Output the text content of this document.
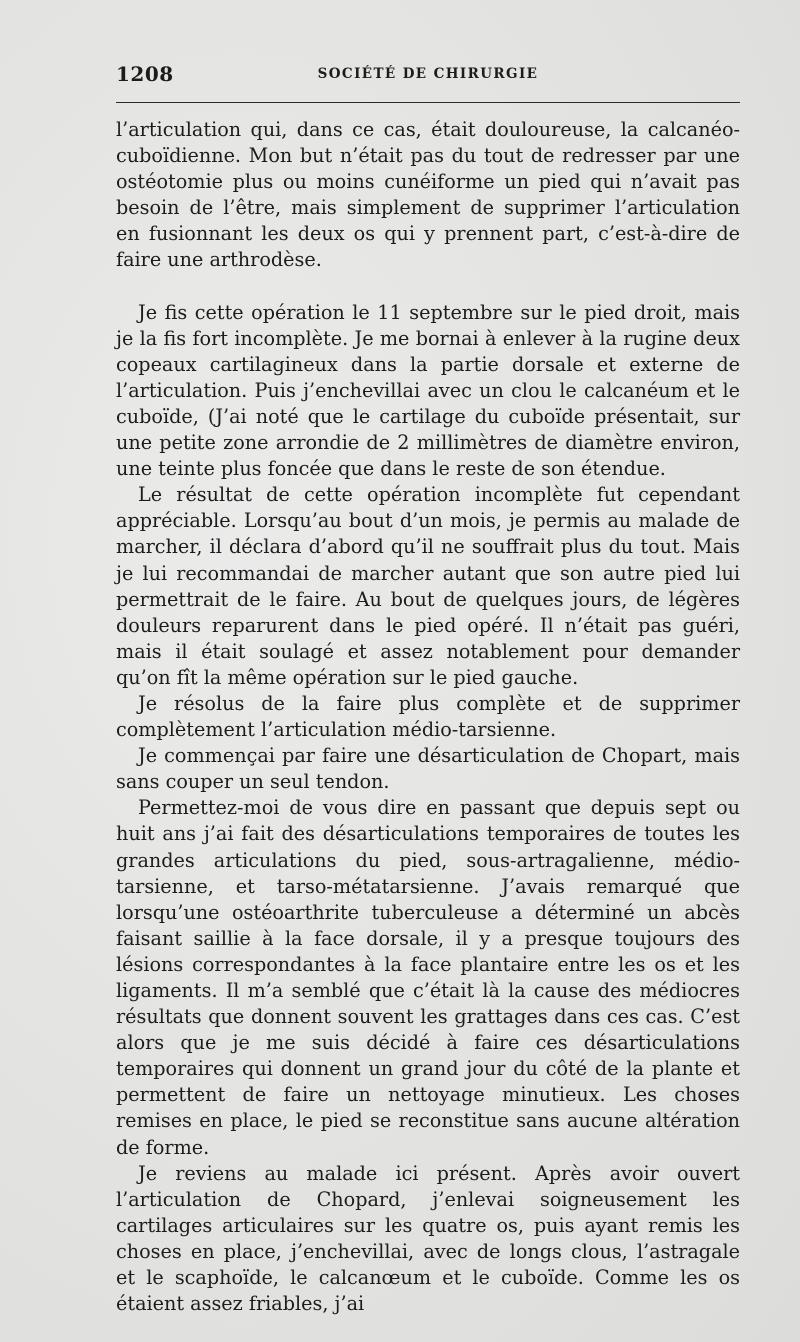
1208	SOCIÉTÉ DE CHIRURGIE

l’articulation qui, dans ce cas, était douloureuse, la calcanéo-cuboïdienne. Mon but n’était pas du tout de redresser par une ostéotomie plus ou moins cunéiforme un pied qui n’avait pas besoin de l’être, mais simplement de supprimer l’articulation en fusionnant les deux os qui y prennent part, c’est-à-dire de faire une arthrodèse.

Je fis cette opération le 11 septembre sur le pied droit, mais je la fis fort incomplète. Je me bornai à enlever à la rugine deux copeaux cartilagineux dans la partie dorsale et externe de l’articulation. Puis j’enchevillai avec un clou le calcanéum et le cuboïde, (J’ai noté que le cartilage du cuboïde présentait, sur une petite zone arrondie de 2 millimètres de diamètre environ, une teinte plus foncée que dans le reste de son étendue.

Le résultat de cette opération incomplète fut cependant appréciable. Lorsqu’au bout d’un mois, je permis au malade de marcher, il déclara d’abord qu’il ne souffrait plus du tout. Mais je lui recommandai de marcher autant que son autre pied lui permettrait de le faire. Au bout de quelques jours, de légères douleurs reparurent dans le pied opéré. Il n’était pas guéri, mais il était soulagé et assez notablement pour demander qu’on fît la même opération sur le pied gauche.

Je résolus de la faire plus complète et de supprimer complètement l’articulation médio-tarsienne.

Je commençai par faire une désarticulation de Chopart, mais sans couper un seul tendon.

Permettez-moi de vous dire en passant que depuis sept ou huit ans j’ai fait des désarticulations temporaires de toutes les grandes articulations du pied, sous-artragalienne, médio-tarsienne, et tarso-métatarsienne. J’avais remarqué que lorsqu’une ostéoarthrite tuberculeuse a déterminé un abcès faisant saillie à la face dorsale, il y a presque toujours des lésions correspondantes à la face plantaire entre les os et les ligaments. Il m’a semblé que c’était là la cause des médiocres résultats que donnent souvent les grattages dans ces cas. C’est alors que je me suis décidé à faire ces désarticulations temporaires qui donnent un grand jour du côté de la plante et permettent de faire un nettoyage minutieux. Les choses remises en place, le pied se reconstitue sans aucune altération de forme.

Je reviens au malade ici présent. Après avoir ouvert l’articulation de Chopard, j’enlevai soigneusement les cartilages articulaires sur les quatre os, puis ayant remis les choses en place, j’enchevillai, avec de longs clous, l’astragale et le scaphoïde, le calcanœum et le cuboïde. Comme les os étaient assez friables, j’ai
